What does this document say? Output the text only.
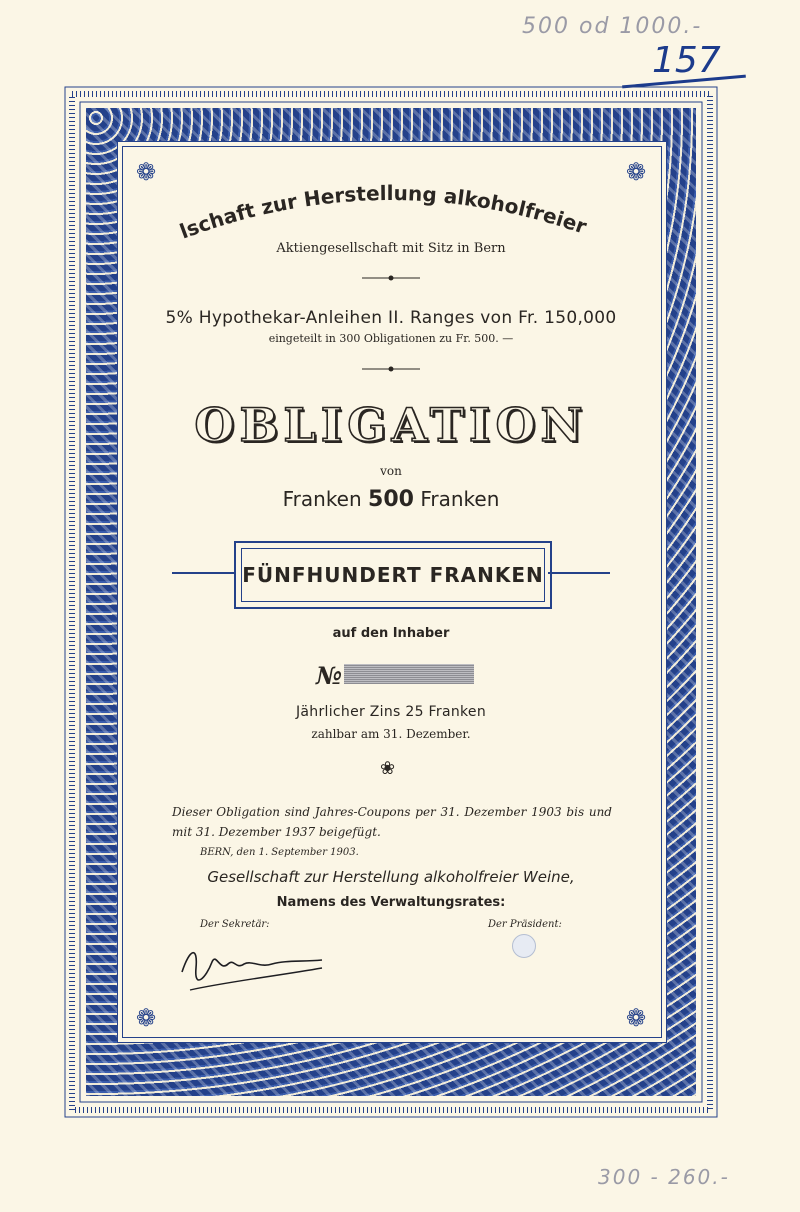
500 od 1000.-
157
❁	❁
❁	❁
lschaft zur Herstellung alkoholfreier
Aktiengesellschaft mit Sitz in Bern
5% Hypothekar-Anleihen II. Ranges von Fr. 150,000
eingeteilt in 300 Obligationen zu Fr. 500. —
OBLIGATION
von
Franken 500 Franken
FÜNFHUNDERT FRANKEN
auf den Inhaber
№
Jährlicher Zins 25 Franken
zahlbar am 31. Dezember.
❀
Dieser Obligation sind Jahres-Coupons per 31. Dezember 1903 bis und mit 31. Dezember 1937 beigefügt.
BERN, den 1. September 1903.
Gesellschaft zur Herstellung alkoholfreier Weine,
Namens des Verwaltungsrates:
Der Sekretär:	Der Präsident:
300 - 260.-
